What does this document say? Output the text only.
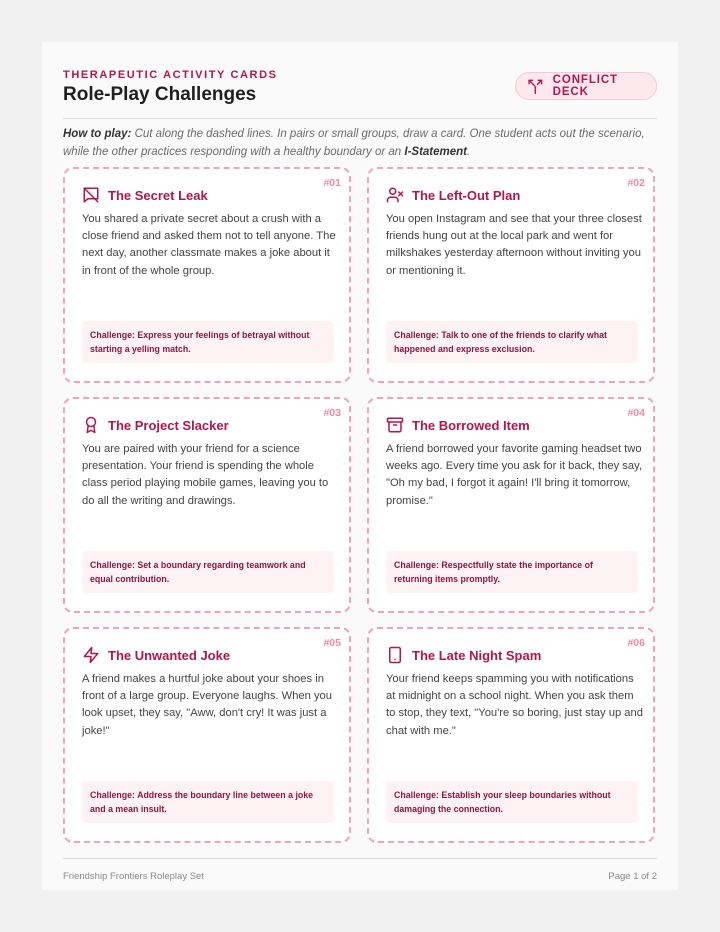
THERAPEUTIC ACTIVITY CARDS
Role-Play Challenges
CONFLICT DECK
How to play: Cut along the dashed lines. In pairs or small groups, draw a card. One student acts out the scenario, while the other practices responding with a healthy boundary or an I-Statement.
#01
The Secret Leak
You shared a private secret about a crush with a close friend and asked them not to tell anyone. The next day, another classmate makes a joke about it in front of the whole group.
Challenge: Express your feelings of betrayal without starting a yelling match.
#02
The Left-Out Plan
You open Instagram and see that your three closest friends hung out at the local park and went for milkshakes yesterday afternoon without inviting you or mentioning it.
Challenge: Talk to one of the friends to clarify what happened and express exclusion.
#03
The Project Slacker
You are paired with your friend for a science presentation. Your friend is spending the whole class period playing mobile games, leaving you to do all the writing and drawings.
Challenge: Set a boundary regarding teamwork and equal contribution.
#04
The Borrowed Item
A friend borrowed your favorite gaming headset two weeks ago. Every time you ask for it back, they say, "Oh my bad, I forgot it again! I'll bring it tomorrow, promise."
Challenge: Respectfully state the importance of returning items promptly.
#05
The Unwanted Joke
A friend makes a hurtful joke about your shoes in front of a large group. Everyone laughs. When you look upset, they say, "Aww, don't cry! It was just a joke!"
Challenge: Address the boundary line between a joke and a mean insult.
#06
The Late Night Spam
Your friend keeps spamming you with notifications at midnight on a school night. When you ask them to stop, they text, "You're so boring, just stay up and chat with me."
Challenge: Establish your sleep boundaries without damaging the connection.
Friendship Frontiers Roleplay Set	Page 1 of 2
